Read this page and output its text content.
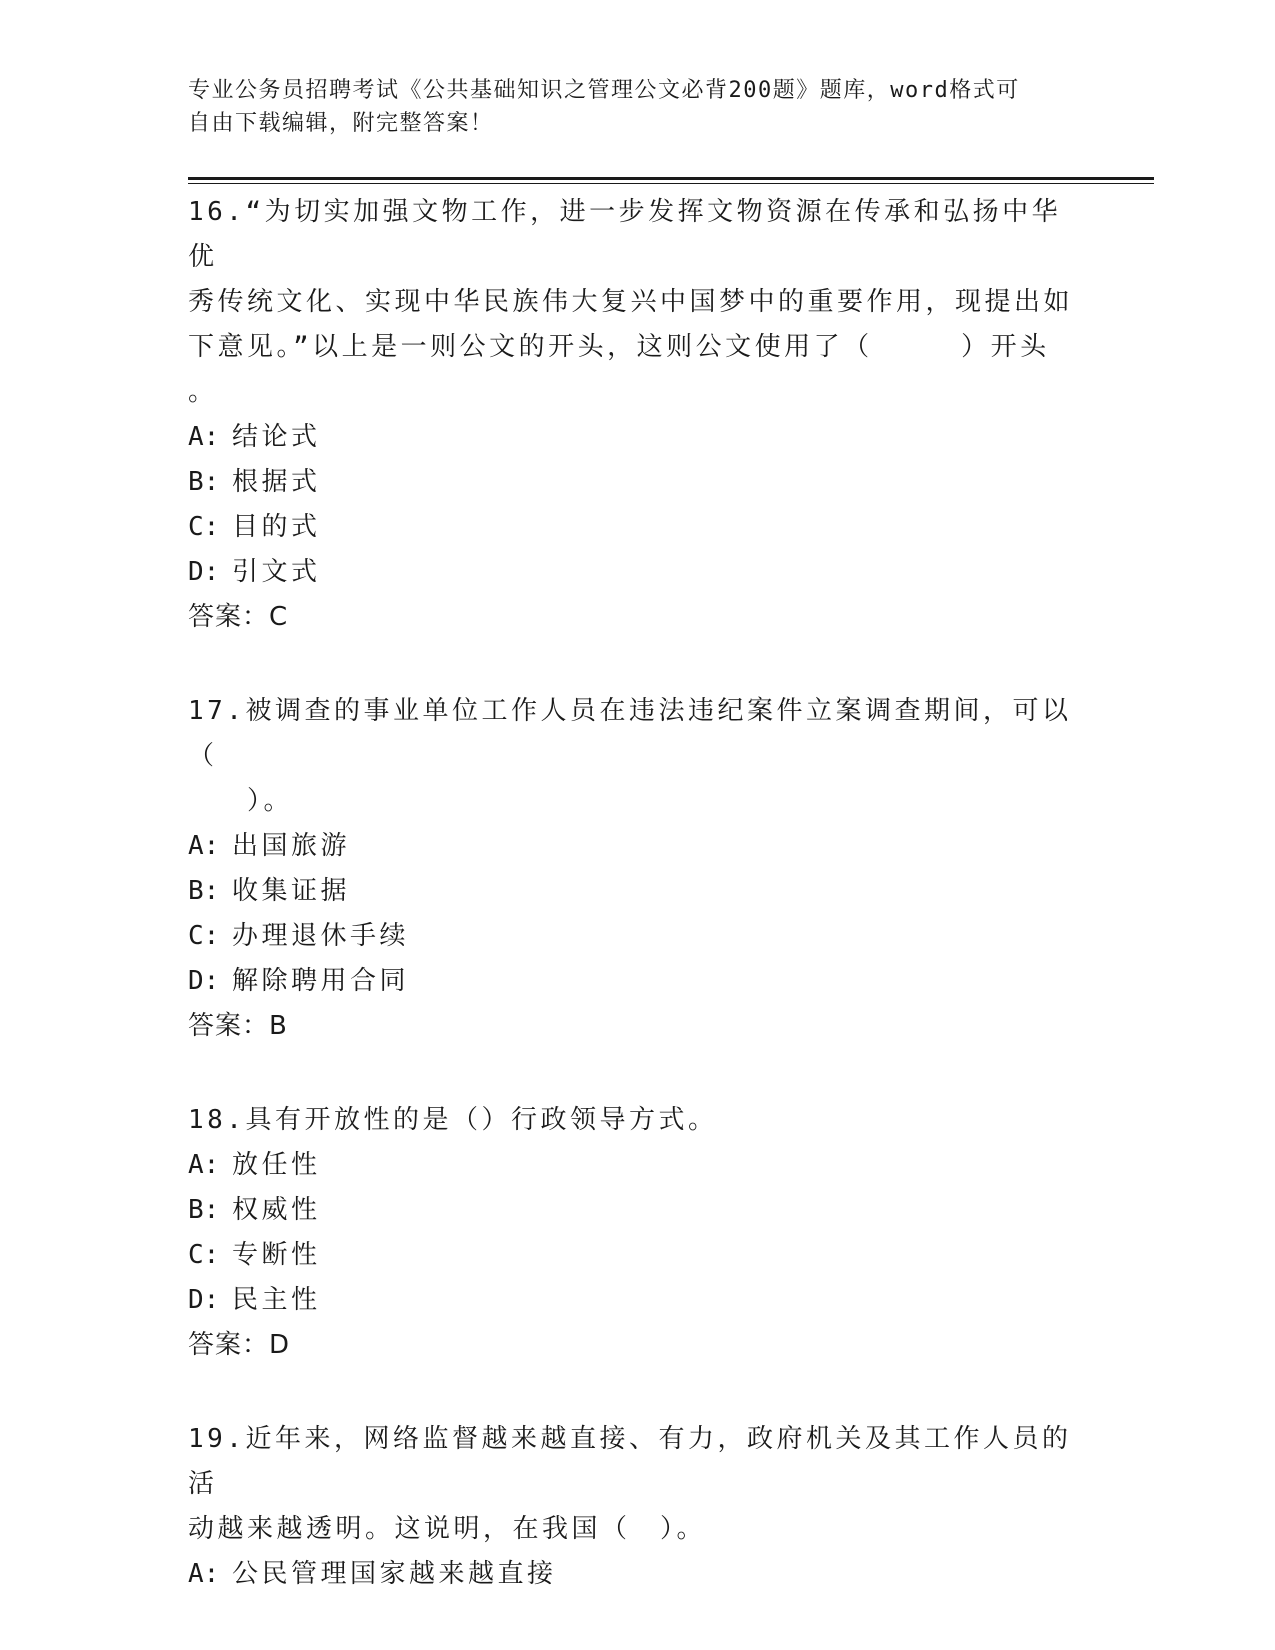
专业公务员招聘考试《公共基础知识之管理公文必背200题》题库，word格式可
自由下载编辑，附完整答案！
16.“为切实加强文物工作，进一步发挥文物资源在传承和弘扬中华优
秀传统文化、实现中华民族伟大复兴中国梦中的重要作用，现提出如
下意见。”以上是一则公文的开头，这则公文使用了（　　　）开头
。
A: 结论式
B: 根据式
C: 目的式
D: 引文式
答案：C
17.被调查的事业单位工作人员在违法违纪案件立案调查期间，可以（
　　）。
A: 出国旅游
B: 收集证据
C: 办理退休手续
D: 解除聘用合同
答案：B
18.具有开放性的是（）行政领导方式。
A: 放任性
B: 权威性
C: 专断性
D: 民主性
答案：D
19.近年来，网络监督越来越直接、有力，政府机关及其工作人员的活
动越来越透明。这说明，在我国（　）。
A: 公民管理国家越来越直接
